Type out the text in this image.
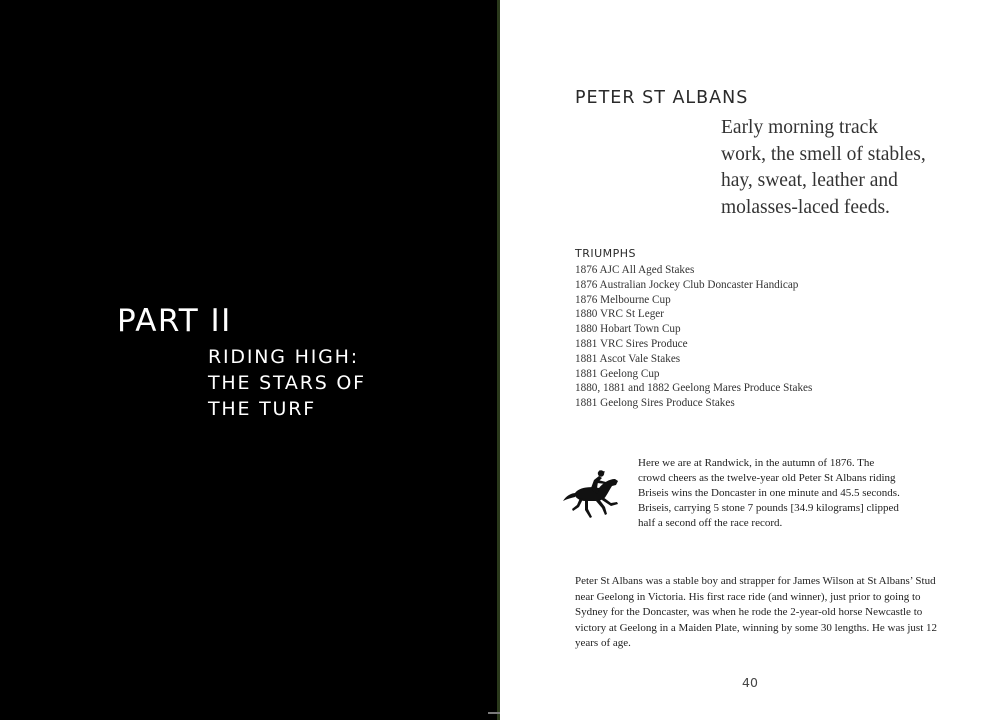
PART II
RIDING HIGH:
THE STARS OF
THE TURF
PETER ST ALBANS
Early morning track
work, the smell of stables,
hay, sweat, leather and
molasses-laced feeds.
TRIUMPHS
1876 AJC All Aged Stakes
1876 Australian Jockey Club Doncaster Handicap
1876 Melbourne Cup
1880 VRC St Leger
1880 Hobart Town Cup
1881 VRC Sires Produce
1881 Ascot Vale Stakes
1881 Geelong Cup
1880, 1881 and 1882 Geelong Mares Produce Stakes
1881 Geelong Sires Produce Stakes
Here we are at Randwick, in the autumn of 1876. The
crowd cheers as the twelve-year old Peter St Albans riding
Briseis wins the Doncaster in one minute and 45.5 seconds.
Briseis, carrying 5 stone 7 pounds [34.9 kilograms] clipped
half a second off the race record.
Peter St Albans was a stable boy and strapper for James Wilson at St Albans’ Stud
near Geelong in Victoria. His first race ride (and winner), just prior to going to
Sydney for the Doncaster, was when he rode the 2-year-old horse Newcastle to
victory at Geelong in a Maiden Plate, winning by some 30 lengths. He was just 12
years of age.
40
